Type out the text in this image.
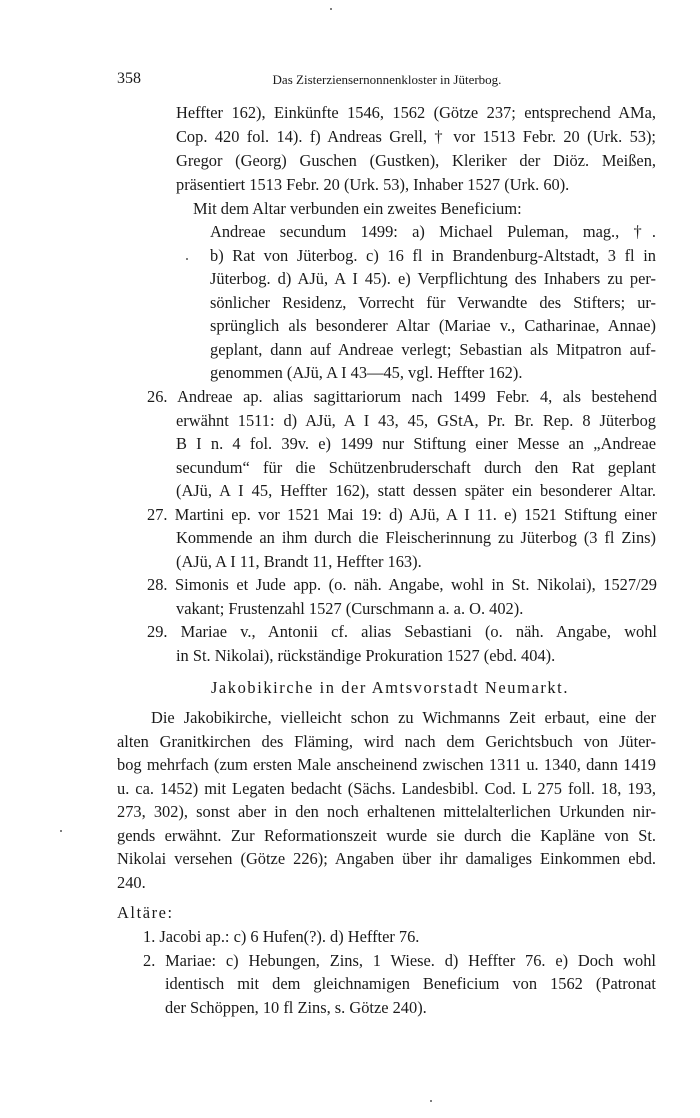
358	Das Zisterziensernonnenkloster in Jüterbog.
Heffter 162), Einkünfte 1546, 1562 (Götze 237; entsprechend AMa,
Cop. 420 fol. 14). f) Andreas Grell, † vor 1513 Febr. 20 (Urk. 53);
Gregor (Georg) Guschen (Gustken), Kleriker der Diöz. Meißen,
präsentiert 1513 Febr. 20 (Urk. 53), Inhaber 1527 (Urk. 60).
Mit dem Altar verbunden ein zweites Beneficium:
Andreae secundum 1499: a) Michael Puleman, mag., †.
b) Rat von Jüterbog. c) 16 fl in Brandenburg-Altstadt, 3 fl in
Jüterbog. d) AJü, A I 45). e) Verpflichtung des Inhabers zu per-
sönlicher Residenz, Vorrecht für Verwandte des Stifters; ur-
sprünglich als besonderer Altar (Mariae v., Catharinae, Annae)
geplant, dann auf Andreae verlegt; Sebastian als Mitpatron auf-
genommen (AJü, A I 43—45, vgl. Heffter 162).
26. Andreae ap. alias sagittariorum nach 1499 Febr. 4, als bestehend
erwähnt 1511: d) AJü, A I 43, 45, GStA, Pr. Br. Rep. 8 Jüterbog
B I n. 4 fol. 39v. e) 1499 nur Stiftung einer Messe an „Andreae
secundum“ für die Schützenbruderschaft durch den Rat geplant
(AJü, A I 45, Heffter 162), statt dessen später ein besonderer Altar.
27. Martini ep. vor 1521 Mai 19: d) AJü, A I 11. e) 1521 Stiftung einer
Kommende an ihm durch die Fleischerinnung zu Jüterbog (3 fl Zins)
(AJü, A I 11, Brandt 11, Heffter 163).
28. Simonis et Jude app. (o. näh. Angabe, wohl in St. Nikolai), 1527/29
vakant; Frustenzahl 1527 (Curschmann a. a. O. 402).
29. Mariae v., Antonii cf. alias Sebastiani (o. näh. Angabe, wohl
in St. Nikolai), rückständige Prokuration 1527 (ebd. 404).
Jakobikirche in der Amtsvorstadt Neumarkt.
Die Jakobikirche, vielleicht schon zu Wichmanns Zeit erbaut, eine der
alten Granitkirchen des Fläming, wird nach dem Gerichtsbuch von Jüter-
bog mehrfach (zum ersten Male anscheinend zwischen 1311 u. 1340, dann 1419
u. ca. 1452) mit Legaten bedacht (Sächs. Landesbibl. Cod. L 275 foll. 18, 193,
273, 302), sonst aber in den noch erhaltenen mittelalterlichen Urkunden nir-
gends erwähnt. Zur Reformationszeit wurde sie durch die Kapläne von St.
Nikolai versehen (Götze 226); Angaben über ihr damaliges Einkommen ebd.
240.
Altäre:
1. Jacobi ap.: c) 6 Hufen(?). d) Heffter 76.
2. Mariae: c) Hebungen, Zins, 1 Wiese. d) Heffter 76. e) Doch wohl
identisch mit dem gleichnamigen Beneficium von 1562 (Patronat
der Schöppen, 10 fl Zins, s. Götze 240).
